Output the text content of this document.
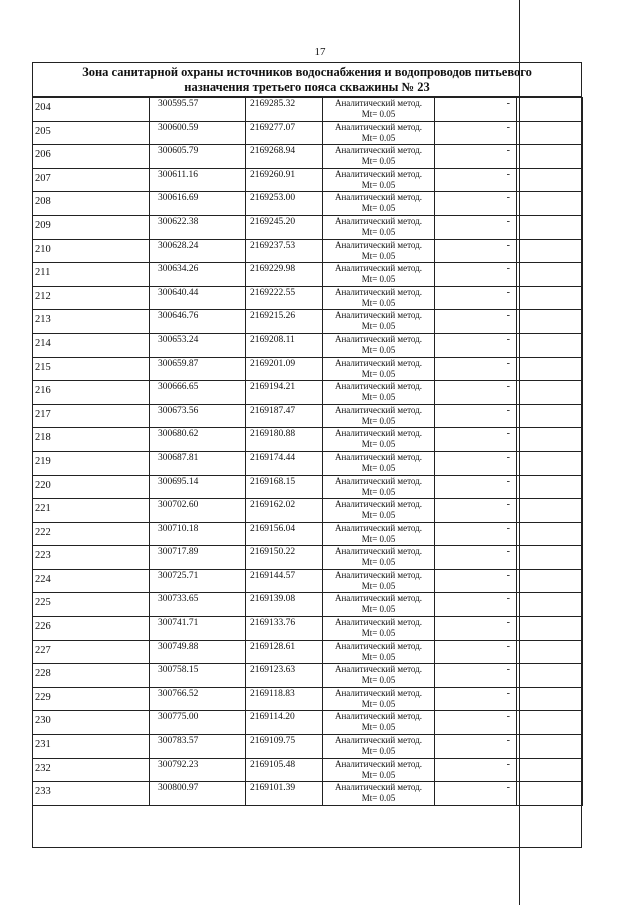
17
Зона санитарной охраны источников водоснабжения и водопроводов питьевого
назначения третьего пояса скважины № 23
204	300595.57	2169285.32	Аналитический метод.
Mt= 0.05	-	
205	300600.59	2169277.07	Аналитический метод.
Mt= 0.05	-	
206	300605.79	2169268.94	Аналитический метод.
Mt= 0.05	-	
207	300611.16	2169260.91	Аналитический метод.
Mt= 0.05	-	
208	300616.69	2169253.00	Аналитический метод.
Mt= 0.05	-	
209	300622.38	2169245.20	Аналитический метод.
Mt= 0.05	-	
210	300628.24	2169237.53	Аналитический метод.
Mt= 0.05	-	
211	300634.26	2169229.98	Аналитический метод.
Mt= 0.05	-	
212	300640.44	2169222.55	Аналитический метод.
Mt= 0.05	-	
213	300646.76	2169215.26	Аналитический метод.
Mt= 0.05	-	
214	300653.24	2169208.11	Аналитический метод.
Mt= 0.05	-	
215	300659.87	2169201.09	Аналитический метод.
Mt= 0.05	-	
216	300666.65	2169194.21	Аналитический метод.
Mt= 0.05	-	
217	300673.56	2169187.47	Аналитический метод.
Mt= 0.05	-	
218	300680.62	2169180.88	Аналитический метод.
Mt= 0.05	-	
219	300687.81	2169174.44	Аналитический метод.
Mt= 0.05	-	
220	300695.14	2169168.15	Аналитический метод.
Mt= 0.05	-	
221	300702.60	2169162.02	Аналитический метод.
Mt= 0.05	-	
222	300710.18	2169156.04	Аналитический метод.
Mt= 0.05	-	
223	300717.89	2169150.22	Аналитический метод.
Mt= 0.05	-	
224	300725.71	2169144.57	Аналитический метод.
Mt= 0.05	-	
225	300733.65	2169139.08	Аналитический метод.
Mt= 0.05	-	
226	300741.71	2169133.76	Аналитический метод.
Mt= 0.05	-	
227	300749.88	2169128.61	Аналитический метод.
Mt= 0.05	-	
228	300758.15	2169123.63	Аналитический метод.
Mt= 0.05	-	
229	300766.52	2169118.83	Аналитический метод.
Mt= 0.05	-	
230	300775.00	2169114.20	Аналитический метод.
Mt= 0.05	-	
231	300783.57	2169109.75	Аналитический метод.
Mt= 0.05	-	
232	300792.23	2169105.48	Аналитический метод.
Mt= 0.05	-	
233	300800.97	2169101.39	Аналитический метод.
Mt= 0.05	-	
